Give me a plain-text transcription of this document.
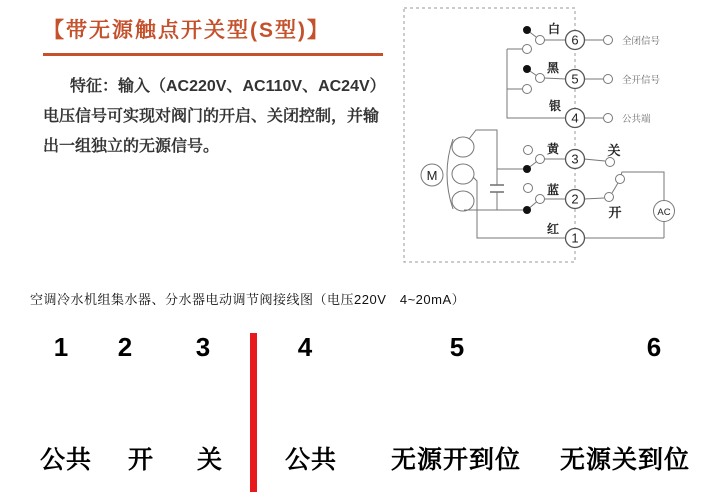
【带无源触点开关型(S型)】
特征：输入（AC220V、AC110V、AC24V）
电压信号可实现对阀门的开启、关闭控制，并输
出一组独立的无源信号。
6
5
4
3
2
1
白
黑
银
黄
蓝
红
全闭信号
全开信号
公共端
关
开
M
AC
空调冷水机组集水器、分水器电动调节阀接线图（电压220V　4~20mA）
1 2 3	4	5	6
公共 开 关 公共 无源开到位 无源关到位
